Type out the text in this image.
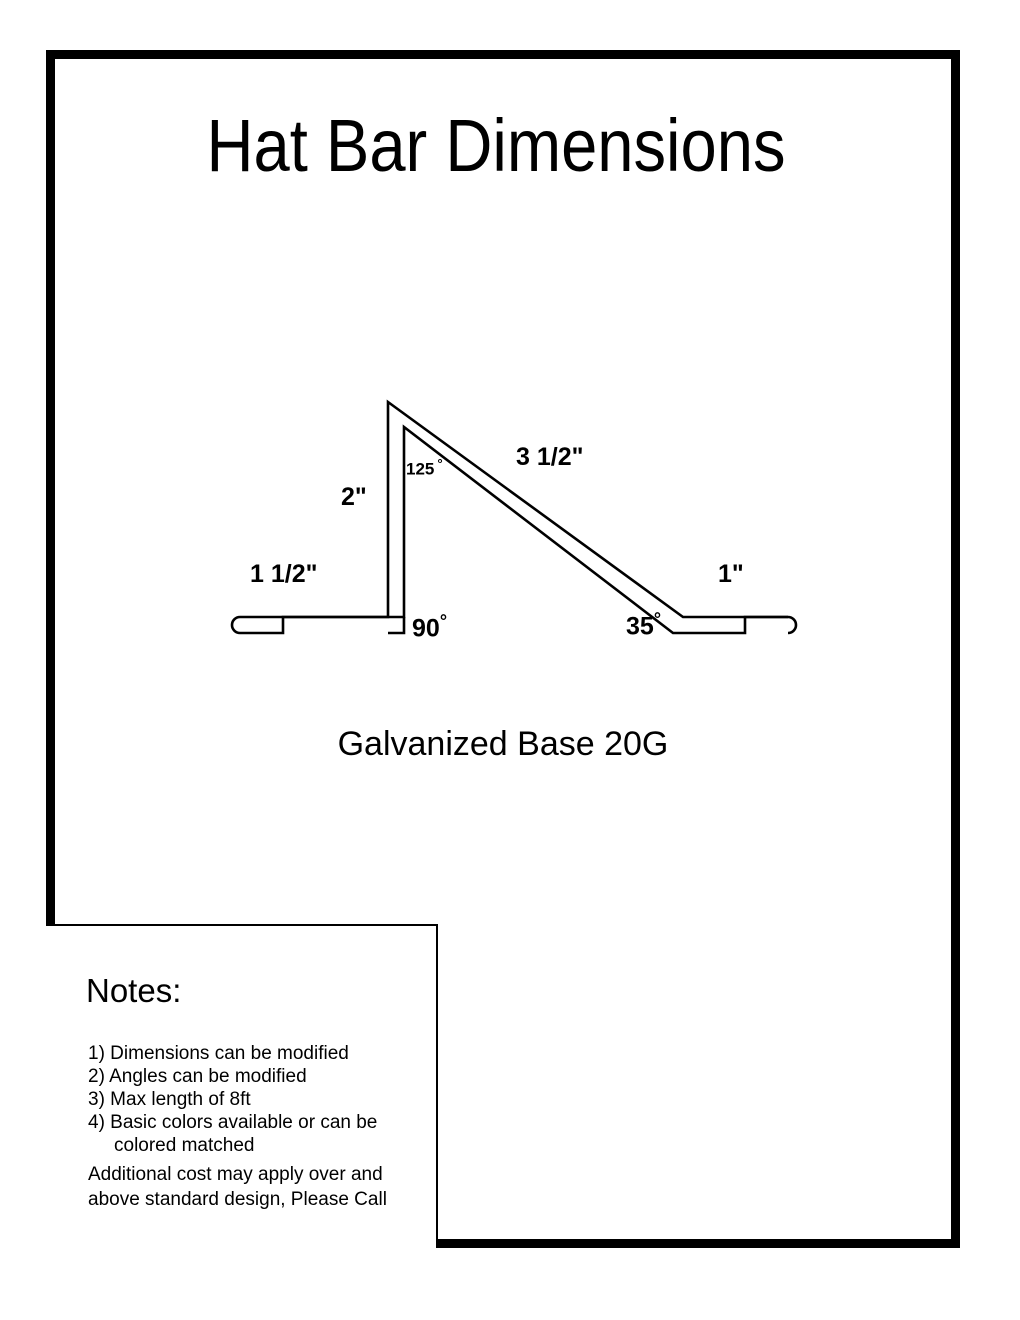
Hat Bar Dimensions
1 1/2"
2"
3 1/2"
1"
125 °
90°	35°
Galvanized Base 20G
Notes:
1) Dimensions can be modified
2) Angles can be modified
3) Max length of 8ft
4) Basic colors available or can be
colored matched
Additional cost may apply over and
above standard design, Please Call
